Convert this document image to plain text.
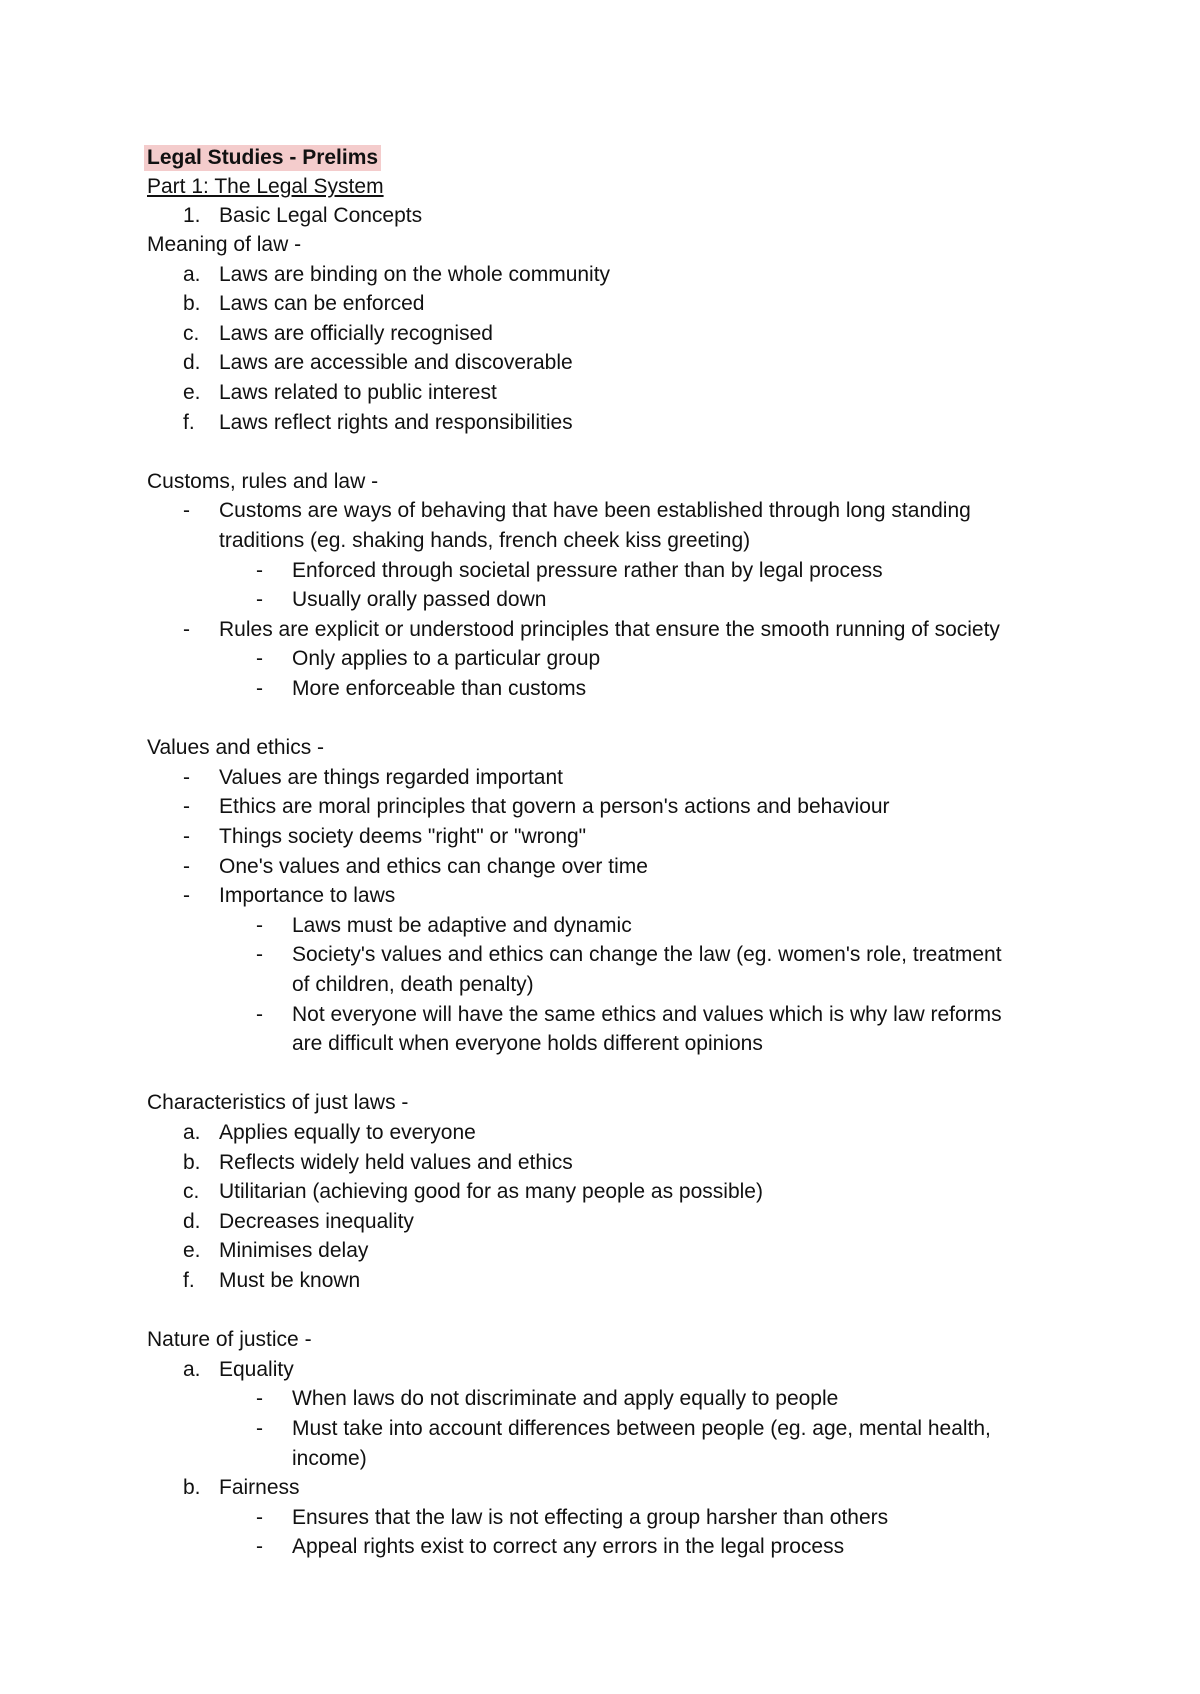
Legal Studies - Prelims
Part 1: The Legal System
1. Basic Legal Concepts
Meaning of law -
a. Laws are binding on the whole community
b. Laws can be enforced
c. Laws are officially recognised
d. Laws are accessible and discoverable
e. Laws related to public interest
f. Laws reflect rights and responsibilities
Customs, rules and law -
- Customs are ways of behaving that have been established through long standing
traditions (eg. shaking hands, french cheek kiss greeting)
- Enforced through societal pressure rather than by legal process
- Usually orally passed down
- Rules are explicit or understood principles that ensure the smooth running of society
- Only applies to a particular group
- More enforceable than customs
Values and ethics -
- Values are things regarded important
- Ethics are moral principles that govern a person's actions and behaviour
- Things society deems "right" or "wrong"
- One's values and ethics can change over time
- Importance to laws
- Laws must be adaptive and dynamic
- Society's values and ethics can change the law (eg. women's role, treatment
of children, death penalty)
- Not everyone will have the same ethics and values which is why law reforms
are difficult when everyone holds different opinions
Characteristics of just laws -
a. Applies equally to everyone
b. Reflects widely held values and ethics
c. Utilitarian (achieving good for as many people as possible)
d. Decreases inequality
e. Minimises delay
f. Must be known
Nature of justice -
a. Equality
- When laws do not discriminate and apply equally to people
- Must take into account differences between people (eg. age, mental health,
income)
b. Fairness
- Ensures that the law is not effecting a group harsher than others
- Appeal rights exist to correct any errors in the legal process
